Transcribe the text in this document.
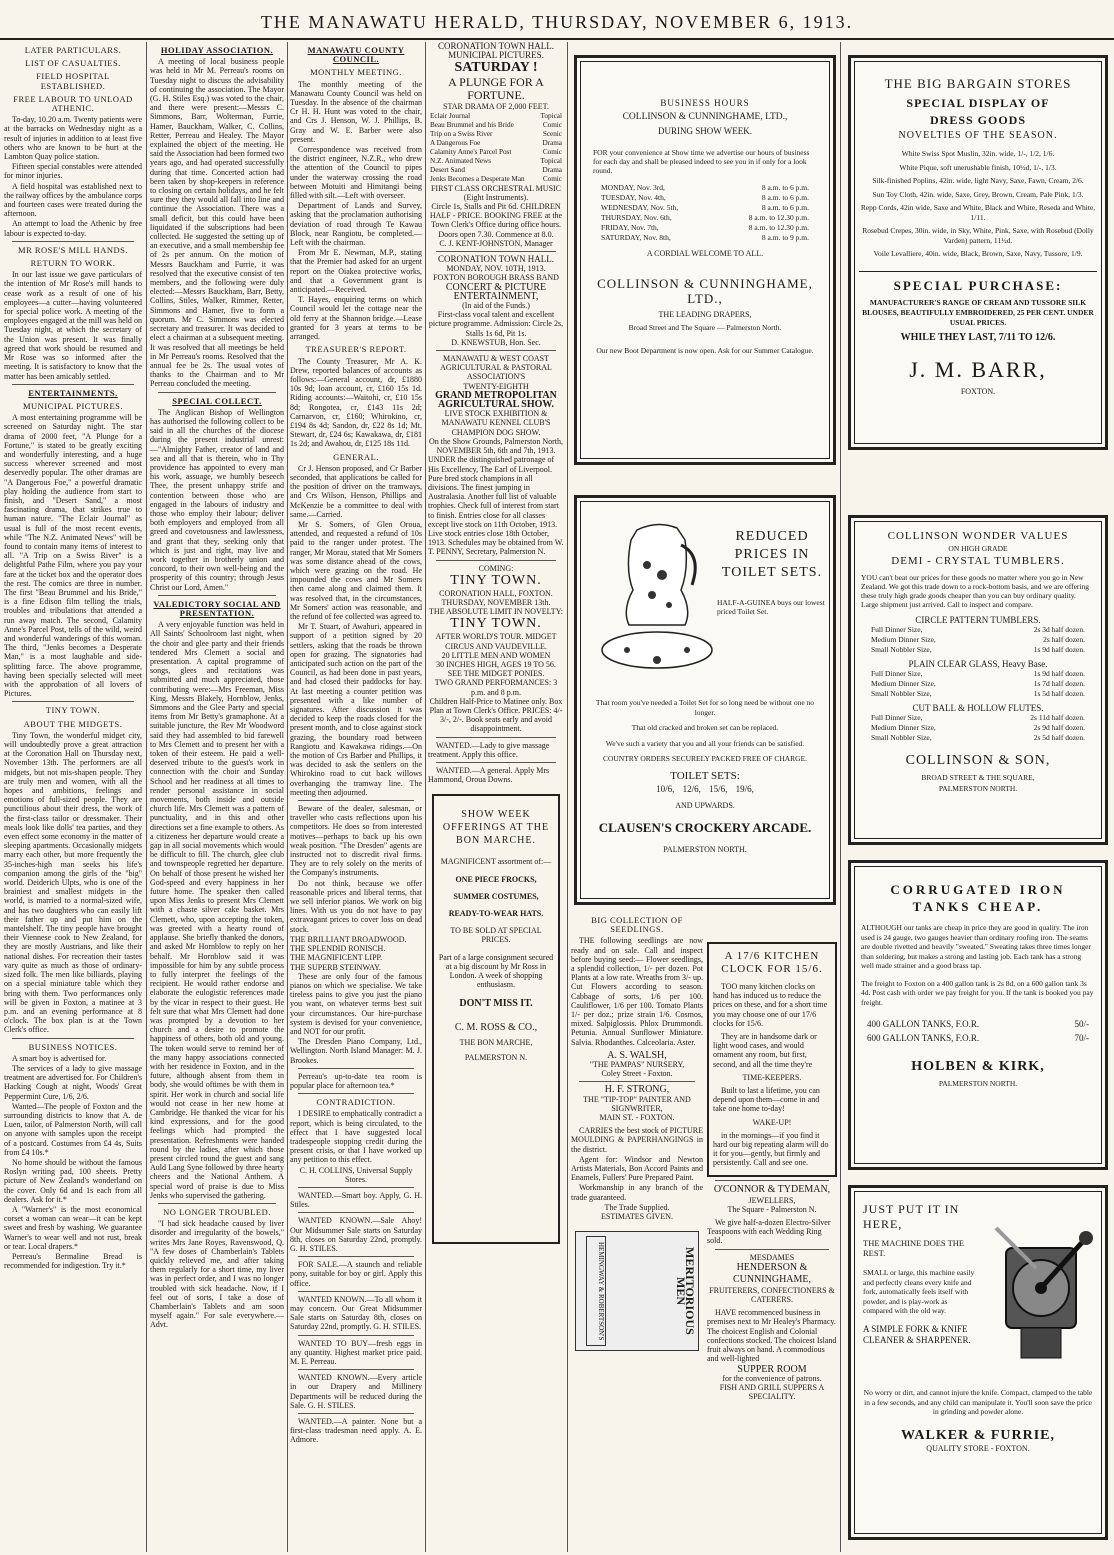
THE MANAWATU HERALD, THURSDAY, NOVEMBER 6, 1913.
LATER PARTICULARS.
LIST OF CASUALTIES.
FIELD HOSPITAL ESTABLISHED.
FREE LABOUR TO UNLOAD ATHENIC.

To-day, 10.20 a.m. Twenty patients were at the barracks on Wednesday night as a result of injuries in addition to at least five others who are known to be hurt at the Lambton Quay police station.

Fifteen special constables were attended for minor injuries.

A field hospital was established next to the railway offices by the ambulance corps and fourteen cases were treated during the afternoon.

An attempt to load the Athenic by free labour is expected to-day.

MR ROSE'S MILL HANDS.
RETURN TO WORK.

In our last issue we gave particulars of the intention of Mr Rose's mill hands to cease work as a result of one of his employees—a cutter—having volunteered for special police work. A meeting of the employees engaged at the mill was held on Tuesday night, at which the secretary of the Union was present. It was finally agreed that work should be resumed and Mr Rose was so informed after the meeting. It is satisfactory to know that the matter has been amicably settled.

ENTERTAINMENTS.
MUNICIPAL PICTURES.

A most entertaining programme will be screened on Saturday night. The star drama of 2000 feet, "A Plunge for a Fortune," is stated to be greatly exciting and wonderfully interesting, and a huge success wherever screened and most deservedly popular. The other dramas are "A Dangerous Foe," a powerful dramatic play holding the audience from start to finish, and "Desert Sand," a most fascinating drama, that strikes true to human nature. "The Eclair Journal" as usual is full of the most recent events, while "The N.Z. Animated News" will be found to contain many items of interest to all. "A Trip on a Swiss River" is a delightful Pathe Film, where you pay your fare at the ticket box and the operator does the rest. The comics are three in number. The first "Beau Brummel and his Bride," is a fine Edison film telling the trials, troubles and tribulations that attended a run away match. The second, Calamity Anne's Parcel Post, tells of the wild, weird and wonderful wanderings of this woman. The third, "Jenks becomes a Desperate Man," is a most laughable and side-splitting farce. The above programme, having been specially selected will meet with the approbation of all lovers of Pictures.

TINY TOWN.
ABOUT THE MIDGETS.

Tiny Town, the wonderful midget city, will undoubtedly prove a great attraction at the Coronation Hall on Thursday next, November 13th. The performers are all midgets, but not mis-shapen people. They are truly men and women, with all the hopes and ambitions, feelings and emotions of full-sized people. They are punctilious about their dress, the work of the first-class tailor or dressmaker. Their meals look like dolls' tea parties, and they even effect some economy in the matter of sleeping apartments. Occasionally midgets marry each other, but more frequently the 35-inches-high man seeks his life's companion among the girls of the "big" world. Deiderich Ulpts, who is one of the brainiest and smallest midgets in the world, is married to a normal-sized wife, and has two daughters who can easily lift their father up and put him on the mantelshelf. The tiny people have brought their Viennese cook to New Zealand, for they are mostly Austrians, and like their national dishes. For recreation their tastes vary quite as much as those of ordinary-sized folk. The men like billiards, playing on a special miniature table which they bring with them. Two performances only will be given in Foxton, a matinee at 3 p.m. and an evening performance at 8 o'clock. The box plan is at the Town Clerk's office.

BUSINESS NOTICES.

A smart boy is advertised for.

The services of a lady to give massage treatment are advertised for. For Children's Hacking Cough at night, Woods' Great Peppermint Cure, 1/6, 2/6.

Wanted—The people of Foxton and the surrounding districts to know that A. de Luen, tailor, of Palmerston North, will call on anyone with samples upon the receipt of a postcard. Costumes from £4 4s, Suits from £4 10s.*

No home should be without the famous Roslyn writing pad, 100 sheets. Pretty picture of New Zealand's wonderland on the cover. Only 6d and 1s each from all dealers. Ask for it.*

A "Warner's" is the most economical corset a woman can wear—it can be kept sweet and fresh by washing. We guarantee Warner's to wear well and not rust, break or tear. Local drapers.*

Perreau's Bermaline Bread is recommended for indigestion. Try it.*

HOLIDAY ASSOCIATION.

A meeting of local business people was held in Mr M. Perreau's rooms on Tuesday night to discuss the advisability of continuing the association. The Mayor (G. H. Stiles Esq.) was voted to the chair, and there were present:—Messrs C. Simmons, Barr, Wolterman, Furrie, Hamer, Bauckham, Walker, C. Collins, Retter, Perreau and Healey. The Mayor explained the object of the meeting. He said the Association had been formed two years ago, and had operated successfully during that time. Concerted action had been taken by shop-keepers in reference to closing on certain holidays, and he felt sure they they would all fall into line and continue the Association. There was a small deficit, but this could have been liquidated if the subscriptions had been collected. He suggested the setting up of an executive, and a small membership fee of 2s per annum. On the motion of Messrs Bauckham and Furrie, it was resolved that the executive consist of ten members, and the following were duly elected:—Messrs Bauckham, Barr, Betty, Collins, Stiles, Walker, Rimmer, Retter, Simmons and Hamer, five to form a quorum. Mr C. Simmons was elected secretary and treasurer. It was decided to elect a chairman at a subsequent meeting. It was resolved that all meetings be held in Mr Perreau's rooms. Resolved that the annual fee be 2s. The usual votes of thanks to the Chairman and to Mr Perreau concluded the meeting.

SPECIAL COLLECT.

The Anglican Bishop of Wellington has authorised the following collect to be said in all the churches of the diocese during the present industrial unrest:—"Almighty Father, creator of land and sea and all that is therein, who in Thy providence has appointed to every man his work, assuage, we humbly beseech Thee, the present unhappy strife and contention between those who are engaged in the labours of industry and those who employ their labour; deliver both employers and employed from all greed and covetousness and lawlessness, and grant that they, seeking only that which is just and right, may live and work together in brotherly union and concord, to their own well-being and the prosperity of this country; through Jesus Christ our Lord, Amen."

VALEDICTORY SOCIAL AND PRESENTATION.

A very enjoyable function was held in All Saints' Schoolroom last night, when the choir and glee party and their friends tendered Mrs Clemett a social and presentation. A capital programme of songs, glees and recitations was submitted and much appreciated, those contributing were:—Mrs Freeman, Miss King, Messrs Blakely, Hornblow, Jenks, Simmons and the Glee Party and special items from Mr Betty's gramaphone. At a suitable juncture, the Rev Mr Woodword said they had assembled to bid farewell to Mrs Clemett and to present her with a token of their esteem. He paid a well-deserved tribute to the guest's work in connection with the choir and Sunday School and her readiness at all times to render personal assistance in social movements, both inside and outside church life. Mrs Clemett was a pattern of punctuality, and in this and other directions set a fine example to others. As a citizeness her departure would create a gap in all social movements which would be difficult to fill. The church, glee club and townspeople regretted her departure. On behalf of those present he wished her God-speed and every happiness in her future home. The speaker then called upon Miss Jenks to present Mrs Clemett with a chaste silver cake basket. Mrs Clemett, who, upon accepting the token, was greeted with a hearty round of applause. She briefly thanked the donors, and asked Mr Hornblow to reply on her behalf. Mr Hornblow said it was impossible for him by any subtle process to fully interpret the feelings of the recipient. He would rather endorse and elaborate the eulogistic references made by the vicar in respect to their guest. He felt sure that what Mrs Clemett had done was prompted by a devotion to her church and a desire to promote the happiness of others, both old and young. The token would serve to remind her of the many happy associations connected with her residence in Foxton, and in the future, although absent from them in body, she would oftimes be with them in spirit. Her work in church and social life would not cease in her new home at Cambridge. He thanked the vicar for his kind expressions, and for the good feelings which had prompted the presentation. Refreshments were handed round by the ladies, after which those present circled round the guest and sang Auld Lang Syne followed by three hearty cheers and the National Anthem. A special word of praise is due to Miss Jenks who supervised the gathering.

NO LONGER TROUBLED.

"I had sick headache caused by liver disorder and irregularity of the bowels," writes Mrs Jane Royes, Ravenswood, Q. "A few doses of Chamberlain's Tablets quickly relieved me, and after taking them regularly for a short time, my liver was in perfect order, and I was no longer troubled with sick headache. Now, if I feel out of sorts, I take a dose of Chamberlain's Tablets and am soon myself again." For sale everywhere.—Advt.

MANAWATU COUNTY COUNCIL.
MONTHLY MEETING.

The monthly meeting of the Manawatu County Council was held on Tuesday. In the absence of the chairman Cr H. H. Hunt was voted to the chair, and Crs J. Henson, W. J. Phillips, B. Gray and W. E. Barber were also present.

Correspondence was received from the district engineer, N.Z.R., who drew the attention of the Council to pipes under the waterway crossing the road between Motuiti and Himitangi being filled with silt.—Left with overseer.

Department of Lands and Survey, asking that the proclamation authorising deviation of road through Te Kawau Block, near Rangiotu, be completed.—Left with the chairman.

From Mr E. Newman, M.P., stating that the Premier had asked for an urgent report on the Oiakea protective works, and that a Government grant is anticipated.—Received.

T. Hayes, enquiring terms on which Council would let the cottage near the old ferry at the Shannon bridge.—Lease granted for 3 years at terms to be arranged.

TREASURER'S REPORT.

The County Treasurer, Mr A. K. Drew, reported balances of accounts as follows:—General account, dr, £1880 10s 9d; loan account, cr, £160 15s 1d. Riding accounts:—Waitohi, cr, £10 15s 8d; Rongotea, cr, £143 11s 2d; Carnarvon, cr, £160; Whirokino, cr, £194 8s 4d; Sandon, dr, £22 8s 1d; Mt. Stewart, dr, £24 6s; Kawakawa, dr, £181 1s 2d; and Awahou, dr, £125 18s 11d.

GENERAL.

Cr J. Henson proposed, and Cr Barber seconded, that applications be called for the position of driver on the tramways, and Crs Wilson, Henson, Phillips and McKenzie be a committee to deal with same.—Carried.

Mr S. Somers, of Glen Oroua, attended, and requested a refund of 10s paid to the ranger under protest. The ranger, Mr Morau, stated that Mr Somers was some distance ahead of the cows, which were grazing on the road. He impounded the cows and Mr Somers then came along and claimed them. It was resolved that, in the circumstances, Mr Somers' action was reasonable, and the refund of fee collected was agreed to.

Mr T. Stuart, of Awahuri, appeared in support of a petition signed by 20 settlers, asking that the roads be thrown open for grazing. The signatories had anticipated such action on the part of the Council, as had been done in past years, and had closed their paddocks for hay. At last meeting a counter petition was presented with a like number of signatures. After discussion it was decided to keep the roads closed for the present month, and to close against stock grazing, the boundary road between Rangiotu and Kawakawa ridings.—On the motion of Crs Barber and Phillips, it was decided to ask the settlers on the Whirokino road to cut back willows overhanging the tramway line. The meeting then adjourned.

Beware of the dealer, salesman, or traveller who casts reflections upon his competitors. He does so from interested motives—perhaps to back up his own weak position. "The Dresden" agents are instructed not to discredit rival firms. They are to rely solely on the merits of the Company's instruments.

Do not think, because we offer reasonable prices and liberal terms, that we sell inferior pianos. We work on big lines. With us you do not have to pay extravagant prices to cover loss on dead stock.

THE BRILLIANT BROADWOOD.
THE SPLENDID RONISCH.
THE MAGNIFICENT LIPP.
THE SUPERB STEINWAY.

These are only four of the famous pianos on which we specialise. We take tireless pains to give you just the piano you want, on whatever terms best suit your circumstances. Our hire-purchase system is devised for your convenience, and NOT for our profit.

The Dresden Piano Company, Ltd., Wellington. North Island Manager: M. J. Brookes.

Perreau's up-to-date tea room is popular place for afternoon tea.*

CONTRADICTION.

I DESIRE to emphatically contradict a report, which is being circulated, to the effect that I have suggested local tradespeople stopping credit during the present crisis, or that I have worked up any petition to this effect.

C. H. COLLINS, Universal Supply Stores.

WANTED.—Smart boy. Apply, G. H. Stiles.

WANTED KNOWN.—Sale Ahoy! Our Midsummer Sale starts on Saturday 8th, closes on Saturday 22nd, promptly. G. H. STILES.

FOR SALE.—A staunch and reliable pony, suitable for boy or girl. Apply this office.

WANTED KNOWN.—To all whom it may concern. Our Great Midsummer Sale starts on Saturday 8th, closes on Saturday 22nd, promptly. G. H. STILES.

WANTED TO BUY—fresh eggs in any quantity. Highest market price paid. M. E. Perreau.

WANTED KNOWN.—Every article in our Drapery and Millinery Departments will be reduced during the Sale. G. H. STILES.

WANTED.—A painter. None but a first-class tradesman need apply. A. E. Admore.

CORONATION TOWN HALL.
MUNICIPAL PICTURES.
SATURDAY !
A PLUNGE FOR A FORTUNE.
STAR DRAMA OF 2,000 FEET.
Eclair Journal	Topical
Beau Brummel and his Bride	Comic
Trip on a Swiss River	Scenic
A Dangerous Foe	Drama
Calamity Anne's Parcel Post	Comic
N.Z. Animated News	Topical
Desert Sand	Drama
Jenks Becomes a Desperate Man	Comic
FIRST CLASS ORCHESTRAL MUSIC (Eight Instruments).
Circle 1s, Stalls and Pit 6d. CHILDREN HALF - PRICE. BOOKING FREE at the Town Clerk's Office during office hours. Doors open 7.30. Commence at 8.0.
C. J. KENT-JOHNSTON, Manager
CORONATION TOWN HALL.
MONDAY, NOV. 10TH, 1913.
FOXTON BOROUGH BRASS BAND
CONCERT & PICTURE ENTERTAINMENT,
(In aid of the Funds.)
First-class vocal talent and excellent picture programme. Admission: Circle 2s, Stalls 1s 6d, Pit 1s.
D. KNEWSTUB, Hon. Sec.
MANAWATU & WEST COAST AGRICULTURAL & PASTORAL ASSOCIATION'S
TWENTY-EIGHTH
GRAND METROPOLITAN AGRICULTURAL SHOW.
LIVE STOCK EXHIBITION & MANAWATU KENNEL CLUB'S CHAMPION DOG SHOW.
On the Show Grounds, Palmerston North, NOVEMBER 5th, 6th and 7th, 1913.
UNDER the distinguished patronage of His Excellency, The Earl of Liverpool. Pure bred stock champions in all divisions. The finest jumping in Australasia. Another full list of valuable trophies. Check full of interest from start to finish. Entries close for all classes except live stock on 11th October, 1913. Live stock entries close 18th October, 1913. Schedules may be obtained from W. T. PENNY, Secretary, Palmerston N.
COMING:
TINY TOWN.
CORONATION HALL, FOXTON.
THURSDAY, NOVEMBER 13th.
THE ABSOLUTE LIMIT IN NOVELTY:
TINY TOWN.
AFTER WORLD'S TOUR. MIDGET CIRCUS AND VAUDEVILLE.
20 LITTLE MEN AND WOMEN
30 INCHES HIGH, AGES 19 TO 56.
SEE THE MIDGET PONIES.
TWO GRAND PERFORMANCES: 3 p.m. and 8 p.m.
Children Half-Price to Matinee only. Box Plan at Town Clerk's Office. PRICES: 4/- 3/-, 2/-. Book seats early and avoid disappointment.

WANTED.—Lady to give massage treatment. Apply this office.

WANTED.—A general. Apply Mrs Hammond, Oroua Downs.

SHOW WEEK OFFERINGS AT THE BON MARCHE.
MAGNIFICENT assortment of:—
ONE PIECE FROCKS,
SUMMER COSTUMES,
READY-TO-WEAR HATS.
TO BE SOLD AT SPECIAL PRICES.
Part of a large consignment secured at a big discount by Mr Ross in London. A week of shopping enthusiasm.
DON'T MISS IT.
C. M. ROSS & CO.,
THE BON MARCHE,
PALMERSTON N.
BUSINESS HOURS
COLLINSON & CUNNINGHAME, LTD.,
DURING SHOW WEEK.
FOR your convenience at Show time we advertise our hours of business for each day and shall be pleased indeed to see you in if only for a look round.
MONDAY, Nov. 3rd,	8 a.m. to 6 p.m.
TUESDAY, Nov. 4th,	8 a.m. to 6 p.m.
WEDNESDAY, Nov. 5th,	8 a.m. to 6 p.m.
THURSDAY, Nov. 6th,	8 a.m. to 12.30 p.m.
FRIDAY, Nov. 7th,	8 a.m. to 12.30 p.m.
SATURDAY, Nov. 8th,	8 a.m. to 9 p.m.
A CORDIAL WELCOME TO ALL.
COLLINSON & CUNNINGHAME, LTD.,
THE LEADING DRAPERS,
Broad Street and The Square — Palmerston North.
Our new Boot Department is now open. Ask for our Summer Catalogue.
REDUCED PRICES IN TOILET SETS.
HALF-A-GUINEA buys our lowest priced Toilet Set.
That room you've needed a Toilet Set for so long need be without one no longer.
That old cracked and broken set can be replaced.
We've such a variety that you and all your friends can be satisfied.
COUNTRY ORDERS SECURELY PACKED FREE OF CHARGE.
TOILET SETS:
10/6, 12/6, 15/6, 19/6,
AND UPWARDS.
CLAUSEN'S CROCKERY ARCADE.
PALMERSTON NORTH.
BIG COLLECTION OF SEEDLINGS.

THE following seedlings are now ready and on sale. Call and inspect before buying seed:— Flower seedlings, a splendid collection, 1/- per dozen. Pot Plants at a low rate. Wreaths from 3/- up. Cut Flowers according to season. Cabbage of sorts, 1/6 per 100. Cauliflower, 1/6 per 100. Tomato Plants 1/- per doz.; prize strain 1/6. Cosmos, mixed. Salpiglossis. Phlox Drummondi. Petunia. Annual Sunflower Miniature. Salvia. Rhodanthes. Calceolaria. Aster.

A. S. WALSH,
"THE PAMPAS" NURSERY,
Coley Street - Foxton.
H. F. STRONG,
THE "TIP-TOP" PAINTER AND SIGNWRITER,
MAIN ST. - FOXTON.

CARRIES the best stock of PICTURE MOULDING & PAPERHANGINGS in the district.

Agent for: Windsor and Newton Artists Materials, Bon Accord Paints and Enamels, Fullers' Pure Prepared Paint.

Workmanship in any branch of the trade guaranteed.

The Trade Supplied.
ESTIMATES GIVEN.
MERITORIOUS MEN
HEMINGWAY & ROBERTSON'S
A 17/6 KITCHEN CLOCK FOR 15/6.

TOO many kitchen clocks on hand has induced us to reduce the prices on these, and for a short time you may choose one of our 17/6 clocks for 15/6.

They are in handsome dark or light wood cases, and would ornament any room, but first, second, and all the time they're

TIME-KEEPERS.

Built to last a lifetime, you can depend upon them—come in and take one home to-day!

WAKE-UP!

in the mornings—if you find it hard our big repeating alarm will do it for you—gently, but firmly and persistently. Call and see one.

O'CONNOR & TYDEMAN,
JEWELLERS,
The Square - Palmerston N.

We give half-a-dozen Electro-Silver Teaspoons with each Wedding Ring sold.

MESDAMES
HENDERSON & CUNNINGHAME,
FRUITERERS, CONFECTIONERS & CATERERS.

HAVE recommenced business in premises next to Mr Healey's Pharmacy. The choicest English and Colonial confections stocked. The choicest Island fruit always on hand. A commodious and well-lighted

SUPPER ROOM
for the convenience of patrons.
FISH AND GRILL SUPPERS A SPECIALITY.
THE BIG BARGAIN STORES
SPECIAL DISPLAY OF
DRESS GOODS
NOVELTIES OF THE SEASON.
White Swiss Spot Muslin, 32in. wide, 1/-, 1/2, 1/6.
White Pique, soft unerushable finish, 10½d, 1/-, 1/3.
Silk-finished Poplins, 42in. wide, light Navy, Saxe, Fawn, Cream, 2/6.
Sun Toy Cloth, 42in. wide, Saxe, Grey, Brown, Cream, Pale Pink, 1/3.
Repp Cords, 42in wide, Saxe and White, Black and White, Reseda and White, 1/11.
Rosebud Crepes, 30in. wide, in Sky, White, Pink, Saxe, with Rosebud (Dolly Varden) pattern, 11½d.
Voile Levalliere, 40in. wide, Black, Brown, Saxe, Navy, Tussore, 1/9.
SPECIAL PURCHASE:
MANUFACTURER'S RANGE OF CREAM AND TUSSORE SILK BLOUSES, BEAUTIFULLY EMBROIDERED, 25 PER CENT. UNDER USUAL PRICES.
WHILE THEY LAST, 7/11 TO 12/6.
J. M. BARR,
FOXTON.
COLLINSON WONDER VALUES
ON HIGH GRADE
DEMI - CRYSTAL TUMBLERS.
YOU can't beat our prices for these goods no matter where you go in New Zealand. We got this trade down to a rock-bottom basis, and we are offering these truly high grade goods cheaper than you can buy ordinary quality. Large shipment just arrived. Call to inspect and compare.
CIRCLE PATTERN TUMBLERS.
Full Dinner Size,	2s 3d half dozen.
Medium Dinner Size,	2s half dozen.
Small Nobbler Size,	1s 9d half dozen.
PLAIN CLEAR GLASS, Heavy Base.
Full Dinner Size,	1s 9d half dozen.
Medium Dinner Size,	1s 7d half dozen.
Small Nobbler Size,	1s 5d half dozen.
CUT BALL & HOLLOW FLUTES.
Full Dinner Size,	2s 11d half dozen.
Medium Dinner Size,	2s 9d half dozen.
Small Nobbler Size,	2s 5d half dozen.
COLLINSON & SON,
BROAD STREET & THE SQUARE,
PALMERSTON NORTH.
CORRUGATED IRON TANKS CHEAP.
ALTHOUGH our tanks are cheap in price they are good in quality. The iron used is 24 gauge, two gauges heavier than ordinary roofing iron. The seams are double rivetted and heavily "sweated." Sweating takes three times longer than soldering, but makes a strong and lasting job. Each tank has a strong well made strainer and a good brass tap.
The freight to Foxton on a 400 gallon tank is 2s 8d, on a 600 gallon tank 3s 4d. Post cash with order we pay freight for you. If the tank is booked you pay freight.
400 GALLON TANKS, F.O.R.	50/-
600 GALLON TANKS, F.O.R.	70/-
HOLBEN & KIRK,
PALMERSTON NORTH.
JUST PUT IT IN HERE,
THE MACHINE DOES THE REST.
SMALL or large, this machine easily and perfectly cleans every knife and fork, automatically feels itself with powder, and is play-work as compared with the old way.
A SIMPLE FORK & KNIFE CLEANER & SHARPENER.
No worry or dirt, and cannot injure the knife. Compact, clamped to the table in a few seconds, and any child can manipulate it. You'll soon save the price in grinding and powder alone.
WALKER & FURRIE,
QUALITY STORE - FOXTON.
